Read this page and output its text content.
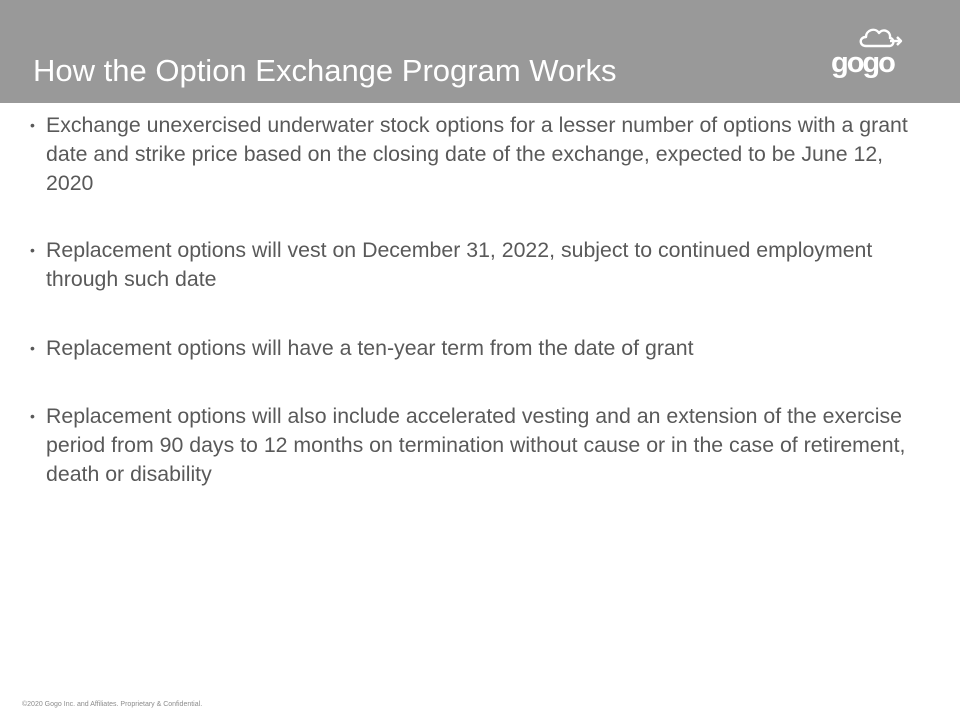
How the Option Exchange Program Works	gogo
• Exchange unexercised underwater stock options for a lesser number of options with a grant date and strike price based on the closing date of the exchange, expected to be June 12, 2020
• Replacement options will vest on December 31, 2022, subject to continued employment through such date
• Replacement options will have a ten-year term from the date of grant
• Replacement options will also include accelerated vesting and an extension of the exercise period from 90 days to 12 months on termination without cause or in the case of retirement, death or disability
©2020 Gogo Inc. and Affiliates. Proprietary & Confidential.
